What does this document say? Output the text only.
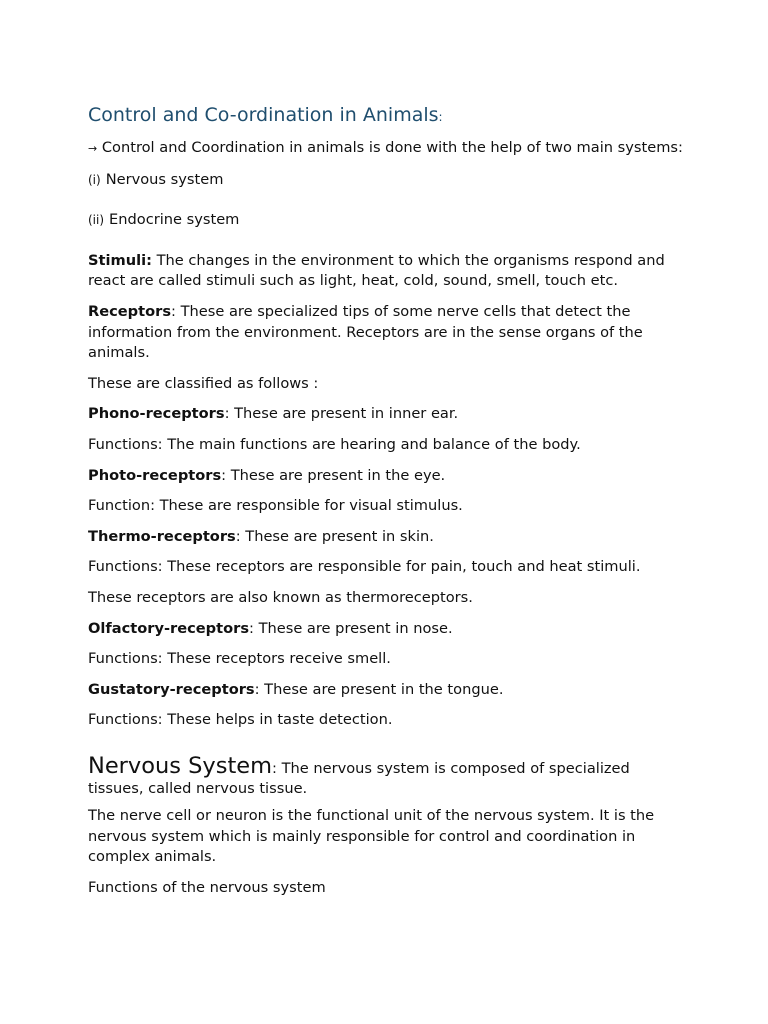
Control and Co-ordination in Animals:

→ Control and Coordination in animals is done with the help of two main systems:

(i) Nervous system

(ii) Endocrine system

Stimuli: The changes in the environment to which the organisms respond and react are called stimuli such as light, heat, cold, sound, smell, touch etc.

Receptors: These are specialized tips of some nerve cells that detect the information from the environment. Receptors are in the sense organs of the animals.

These are classified as follows :

Phono-receptors: These are present in inner ear.

Functions: The main functions are hearing and balance of the body.

Photo-receptors: These are present in the eye.

Function: These are responsible for visual stimulus.

Thermo-receptors: These are present in skin.

Functions: These receptors are responsible for pain, touch and heat stimuli.

These receptors are also known as thermoreceptors.

Olfactory-receptors: These are present in nose.

Functions: These receptors receive smell.

Gustatory-receptors: These are present in the tongue.

Functions: These helps in taste detection.

Nervous System: The nervous system is composed of specialized tissues, called nervous tissue.

The nerve cell or neuron is the functional unit of the nervous system. It is the nervous system which is mainly responsible for control and coordination in complex animals.

Functions of the nervous system
